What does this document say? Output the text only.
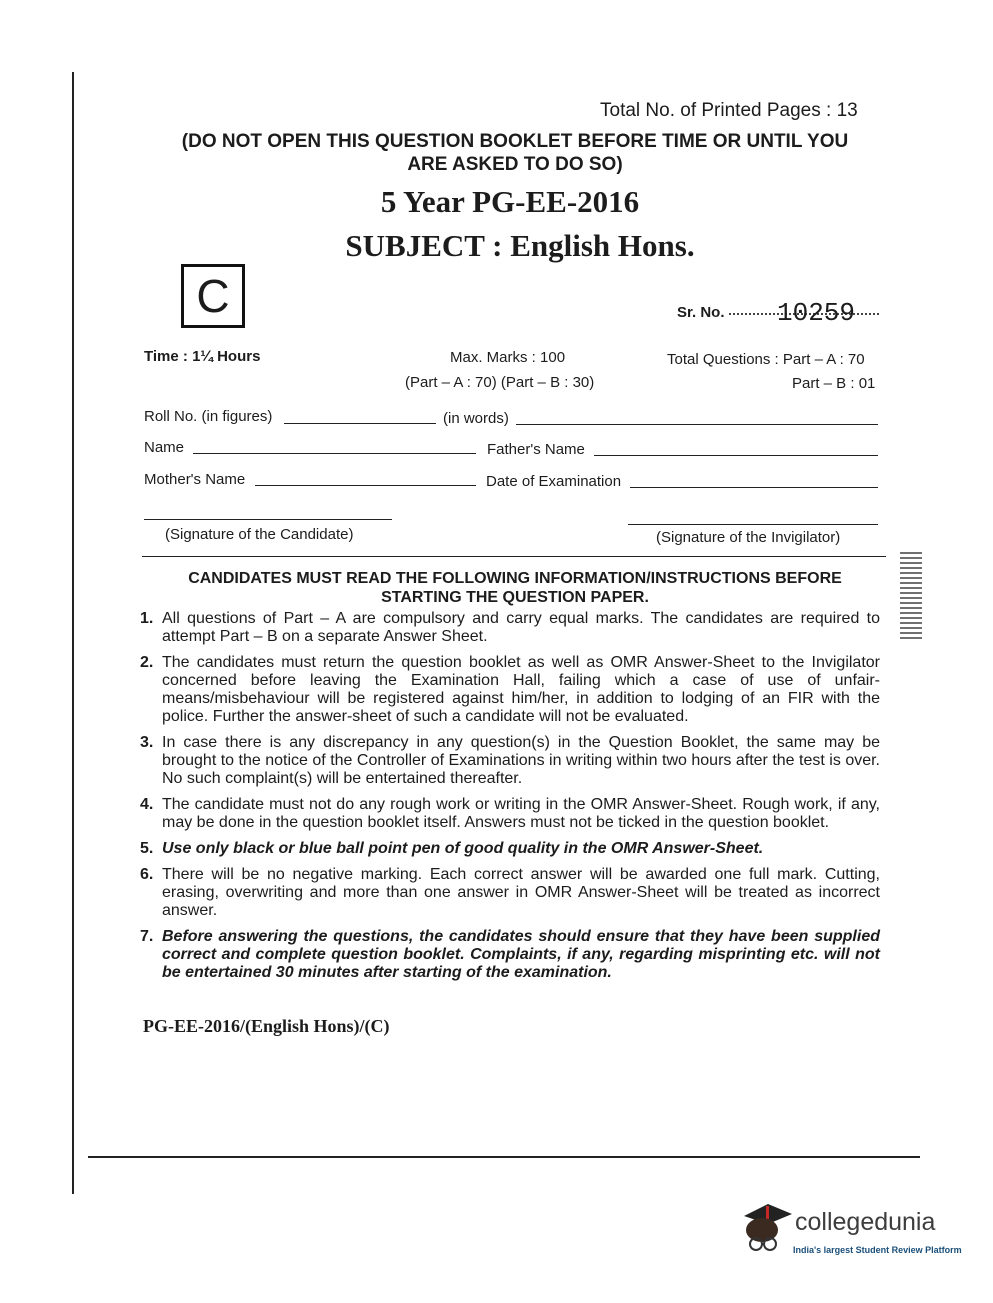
Total No. of Printed Pages : 13
(DO NOT OPEN THIS QUESTION BOOKLET BEFORE TIME OR UNTIL YOU
ARE ASKED TO DO SO)
5 Year PG-EE-2016
SUBJECT : English Hons.
C	Sr. No. 10259
Time : 1¼ Hours	Max. Marks : 100
(Part – A : 70) (Part – B : 30)
Total Questions : Part – A : 70
Part – B : 01
Roll No. (in figures)	(in words)
Name	Father's Name
Mother's Name	Date of Examination
(Signature of the Candidate)	(Signature of the Invigilator)
CANDIDATES MUST READ THE FOLLOWING INFORMATION/INSTRUCTIONS BEFORE
STARTING THE QUESTION PAPER.
1. All questions of Part – A are compulsory and carry equal marks. The candidates are required to attempt Part – B on a separate Answer Sheet.
2. The candidates must return the question booklet as well as OMR Answer-Sheet to the Invigilator concerned before leaving the Examination Hall, failing which a case of use of unfair-means/misbehaviour will be registered against him/her, in addition to lodging of an FIR with the police. Further the answer-sheet of such a candidate will not be evaluated.
3. In case there is any discrepancy in any question(s) in the Question Booklet, the same may be brought to the notice of the Controller of Examinations in writing within two hours after the test is over. No such complaint(s) will be entertained thereafter.
4. The candidate must not do any rough work or writing in the OMR Answer-Sheet. Rough work, if any, may be done in the question booklet itself. Answers must not be ticked in the question booklet.
5. Use only black or blue ball point pen of good quality in the OMR Answer-Sheet.
6. There will be no negative marking. Each correct answer will be awarded one full mark. Cutting, erasing, overwriting and more than one answer in OMR Answer-Sheet will be treated as incorrect answer.
7. Before answering the questions, the candidates should ensure that they have been supplied correct and complete question booklet. Complaints, if any, regarding misprinting etc. will not be entertained 30 minutes after starting of the examination.
PG-EE-2016/(English Hons)/(C)
collegedunia
India's largest Student Review Platform
